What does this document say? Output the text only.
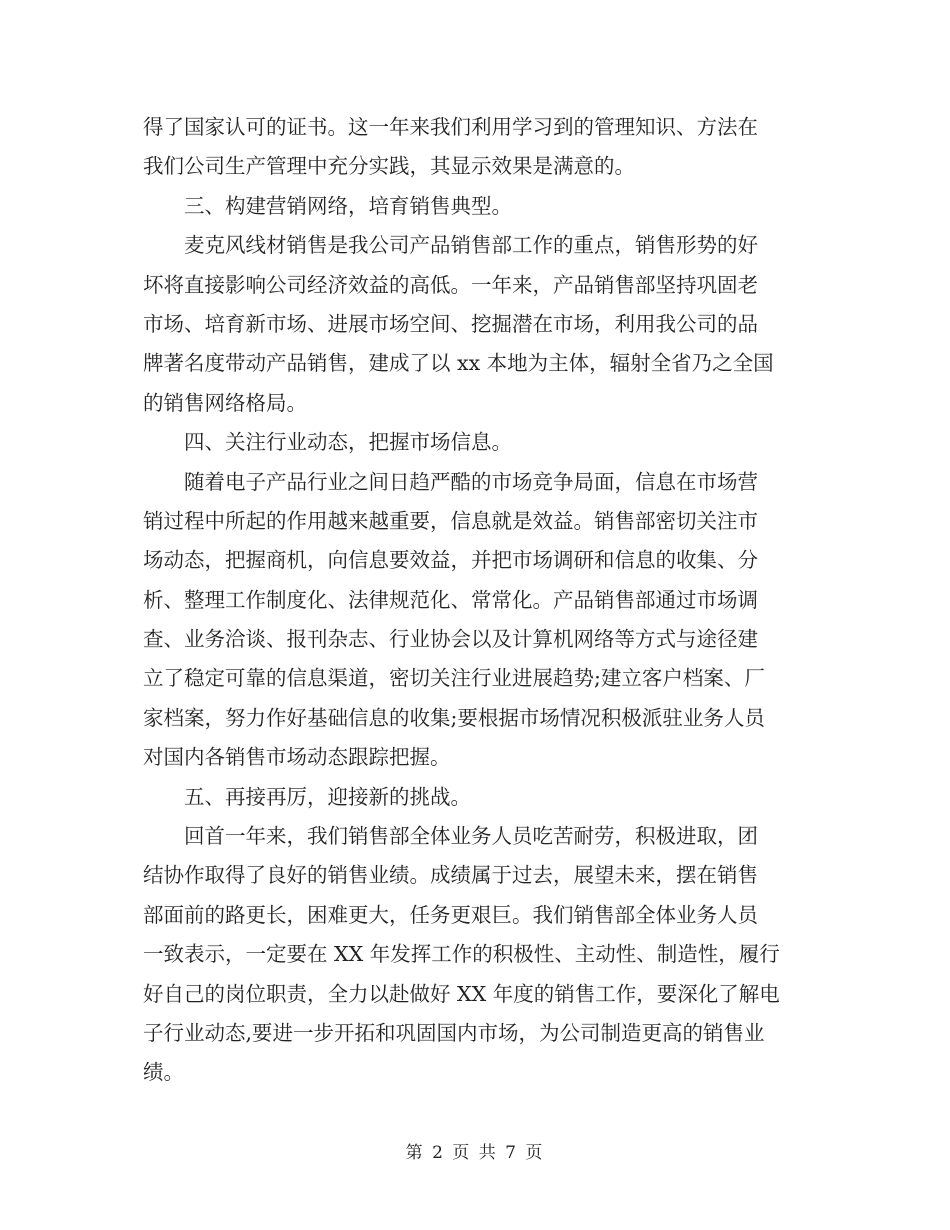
得了国家认可的证书。这一年来我们利用学习到的管理知识、方法在
我们公司生产管理中充分实践，其显示效果是满意的。
　　三、构建营销网络，培育销售典型。
　　麦克风线材销售是我公司产品销售部工作的重点，销售形势的好
坏将直接影响公司经济效益的高低。一年来，产品销售部坚持巩固老
市场、培育新市场、进展市场空间、挖掘潜在市场，利用我公司的品
牌著名度带动产品销售，建成了以 xx 本地为主体，辐射全省乃之全国
的销售网络格局。
　　四、关注行业动态，把握市场信息。
　　随着电子产品行业之间日趋严酷的市场竞争局面，信息在市场营
销过程中所起的作用越来越重要，信息就是效益。销售部密切关注市
场动态，把握商机，向信息要效益，并把市场调研和信息的收集、分
析、整理工作制度化、法律规范化、常常化。产品销售部通过市场调
查、业务洽谈、报刊杂志、行业协会以及计算机网络等方式与途径建
立了稳定可靠的信息渠道，密切关注行业进展趋势;建立客户档案、厂
家档案，努力作好基础信息的收集;要根据市场情况积极派驻业务人员
对国内各销售市场动态跟踪把握。
　　五、再接再厉，迎接新的挑战。
　　回首一年来，我们销售部全体业务人员吃苦耐劳，积极进取，团
结协作取得了良好的销售业绩。成绩属于过去，展望未来，摆在销售
部面前的路更长，困难更大，任务更艰巨。我们销售部全体业务人员
一致表示，一定要在 XX 年发挥工作的积极性、主动性、制造性，履行
好自己的岗位职责，全力以赴做好 XX 年度的销售工作，要深化了解电
子行业动态,要进一步开拓和巩固国内市场，为公司制造更高的销售业
绩。
第 2 页 共 7 页
